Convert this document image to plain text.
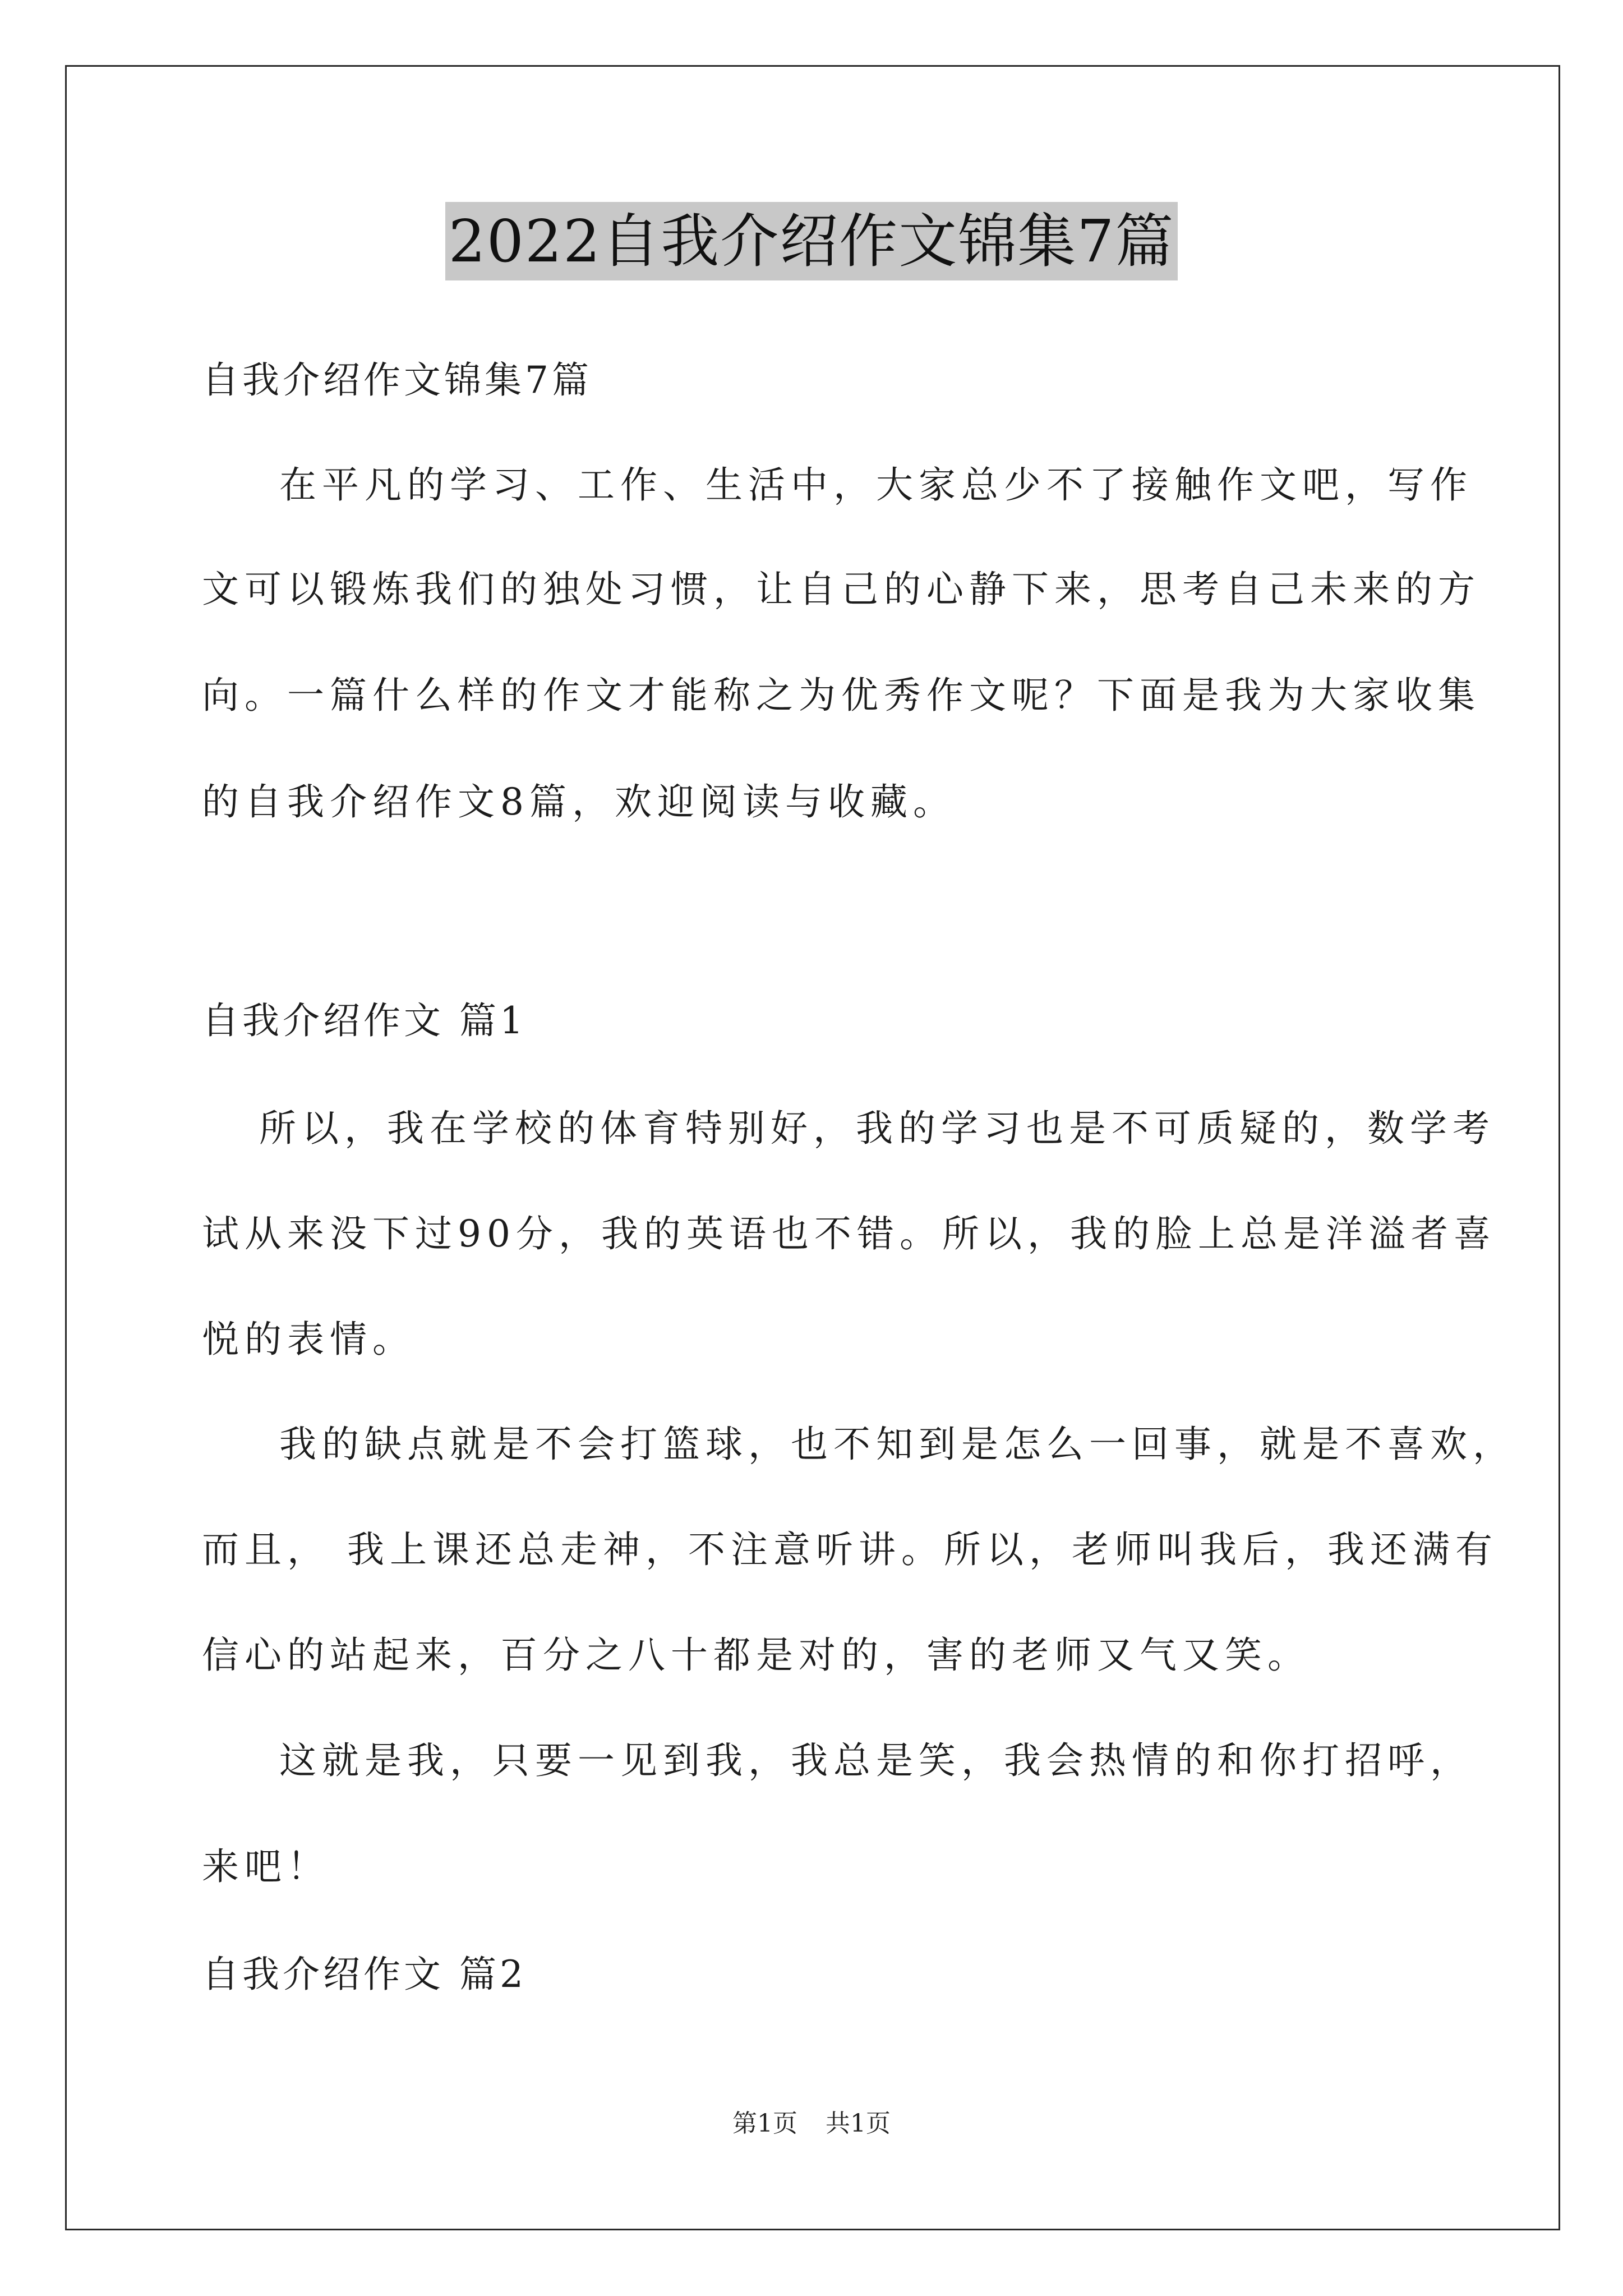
2022自我介绍作文锦集7篇
自我介绍作文锦集7篇
在平凡的学习、工作、生活中，大家总少不了接触作文吧，写作
文可以锻炼我们的独处习惯，让自己的心静下来，思考自己未来的方
向。一篇什么样的作文才能称之为优秀作文呢？下面是我为大家收集
的自我介绍作文8篇，欢迎阅读与收藏。
自我介绍作文 篇1
所以，我在学校的体育特别好，我的学习也是不可质疑的，数学考
试从来没下过90分，我的英语也不错。所以，我的脸上总是洋溢者喜
悦的表情。
我的缺点就是不会打篮球，也不知到是怎么一回事，就是不喜欢，
而且， 我上课还总走神，不注意听讲。所以，老师叫我后，我还满有
信心的站起来，百分之八十都是对的，害的老师又气又笑。
这就是我，只要一见到我，我总是笑，我会热情的和你打招呼，
来吧！
自我介绍作文 篇2
第1页 共1页
